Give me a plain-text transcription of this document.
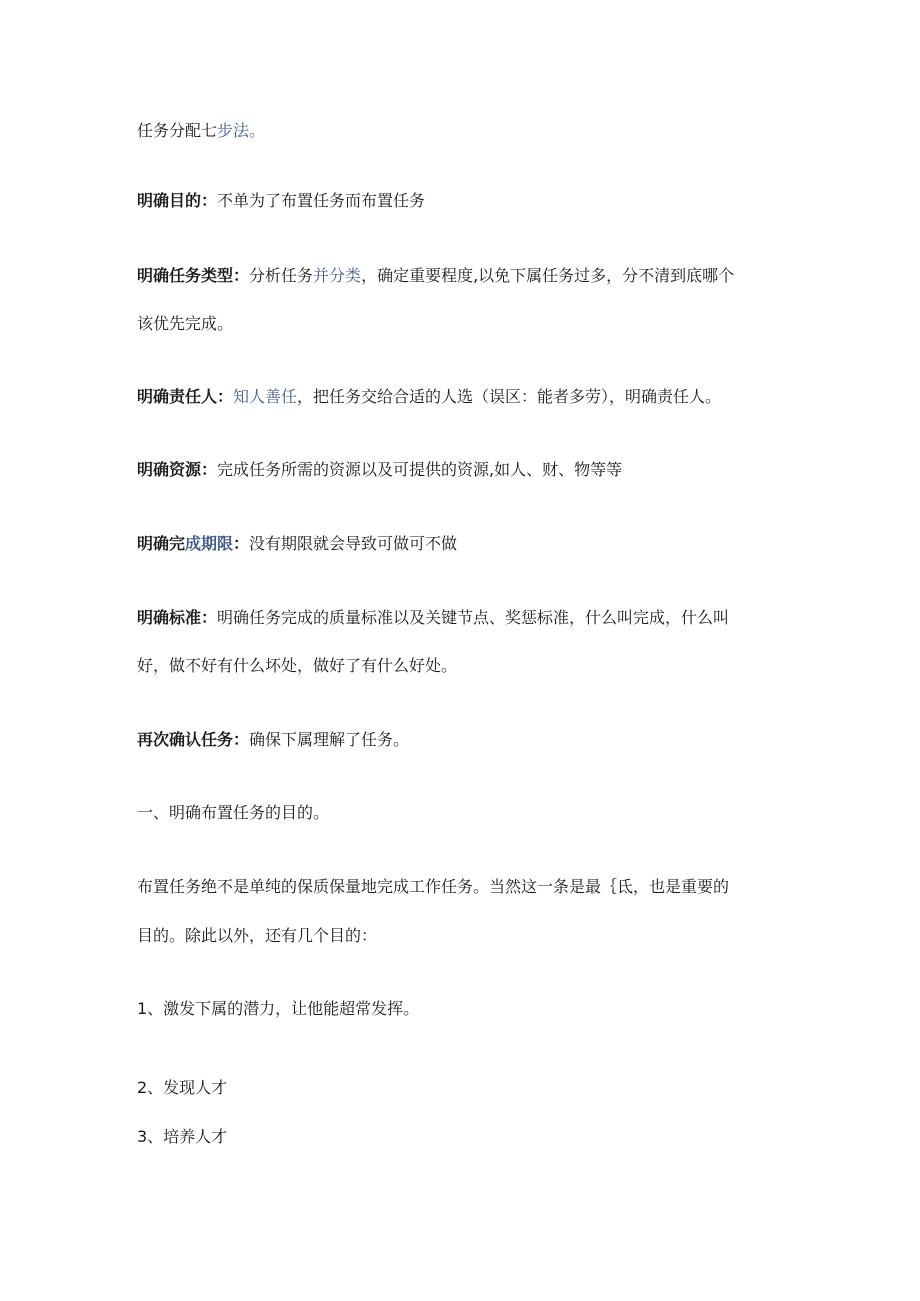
任务分配七步法。
明确目的：不单为了布置任务而布置任务
明确任务类型：分析任务并分类，确定重要程度,以免下属任务过多，分不清到底哪个
该优先完成。
明确责任人：知人善任，把任务交给合适的人选（误区：能者多劳），明确责任人。
明确资源：完成任务所需的资源以及可提供的资源,如人、财、物等等
明确完成期限：没有期限就会导致可做可不做
明确标准：明确任务完成的质量标准以及关键节点、奖惩标准，什么叫完成，什么叫
好，做不好有什么坏处，做好了有什么好处。
再次确认任务：确保下属理解了任务。
一、明确布置任务的目的。
布置任务绝不是单纯的保质保量地完成工作任务。当然这一条是最｛氐，也是重要的
目的。除此以外，还有几个目的：
1、激发下属的潜力，让他能超常发挥。
2、发现人才
3、培养人才
